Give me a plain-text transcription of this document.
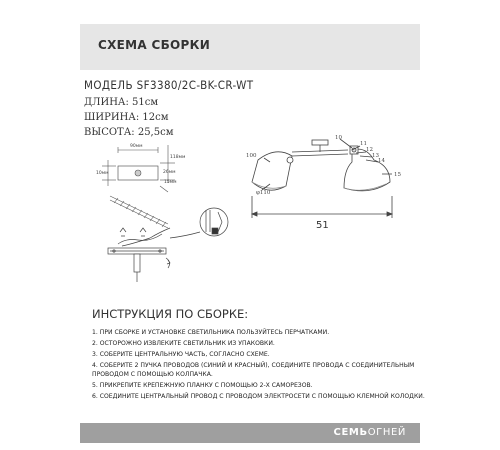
СХЕМА СБОРКИ
МОДЕЛЬ SF3380/2C-BK-CR-WT
ДЛИНА: 51см
ШИРИНА: 12см
ВЫСОТА: 25,5см
90мм
118мм
10мм	26мм
15мм
51
100
φ110
10
11
12
13
14
15
ИНСТРУКЦИЯ ПО СБОРКЕ:
1. ПРИ СБОРКЕ И УСТАНОВКЕ СВЕТИЛЬНИКА ПОЛЬЗУЙТЕСЬ ПЕРЧАТКАМИ.
2. ОСТОРОЖНО ИЗВЛЕКИТЕ СВЕТИЛЬНИК ИЗ УПАКОВКИ.
3. СОБЕРИТЕ ЦЕНТРАЛЬНУЮ ЧАСТЬ, СОГЛАСНО СХЕМЕ.
4. СОБЕРИТЕ 2 ПУЧКА ПРОВОДОВ (СИНИЙ И КРАСНЫЙ), СОЕДИНИТЕ ПРОВОДА С СОЕДИНИТЕЛЬНЫМ ПРОВОДОМ С ПОМОЩЬЮ КОЛПАЧКА.
5. ПРИКРЕПИТЕ КРЕПЕЖНУЮ ПЛАНКУ С ПОМОЩЬЮ 2-Х САМОРЕЗОВ.
6. СОЕДИНИТЕ ЦЕНТРАЛЬНЫЙ ПРОВОД С ПРОВОДОМ ЭЛЕКТРОСЕТИ С ПОМОЩЬЮ КЛЕМНОЙ КОЛОДКИ.
СЕМЬОГНЕЙ
